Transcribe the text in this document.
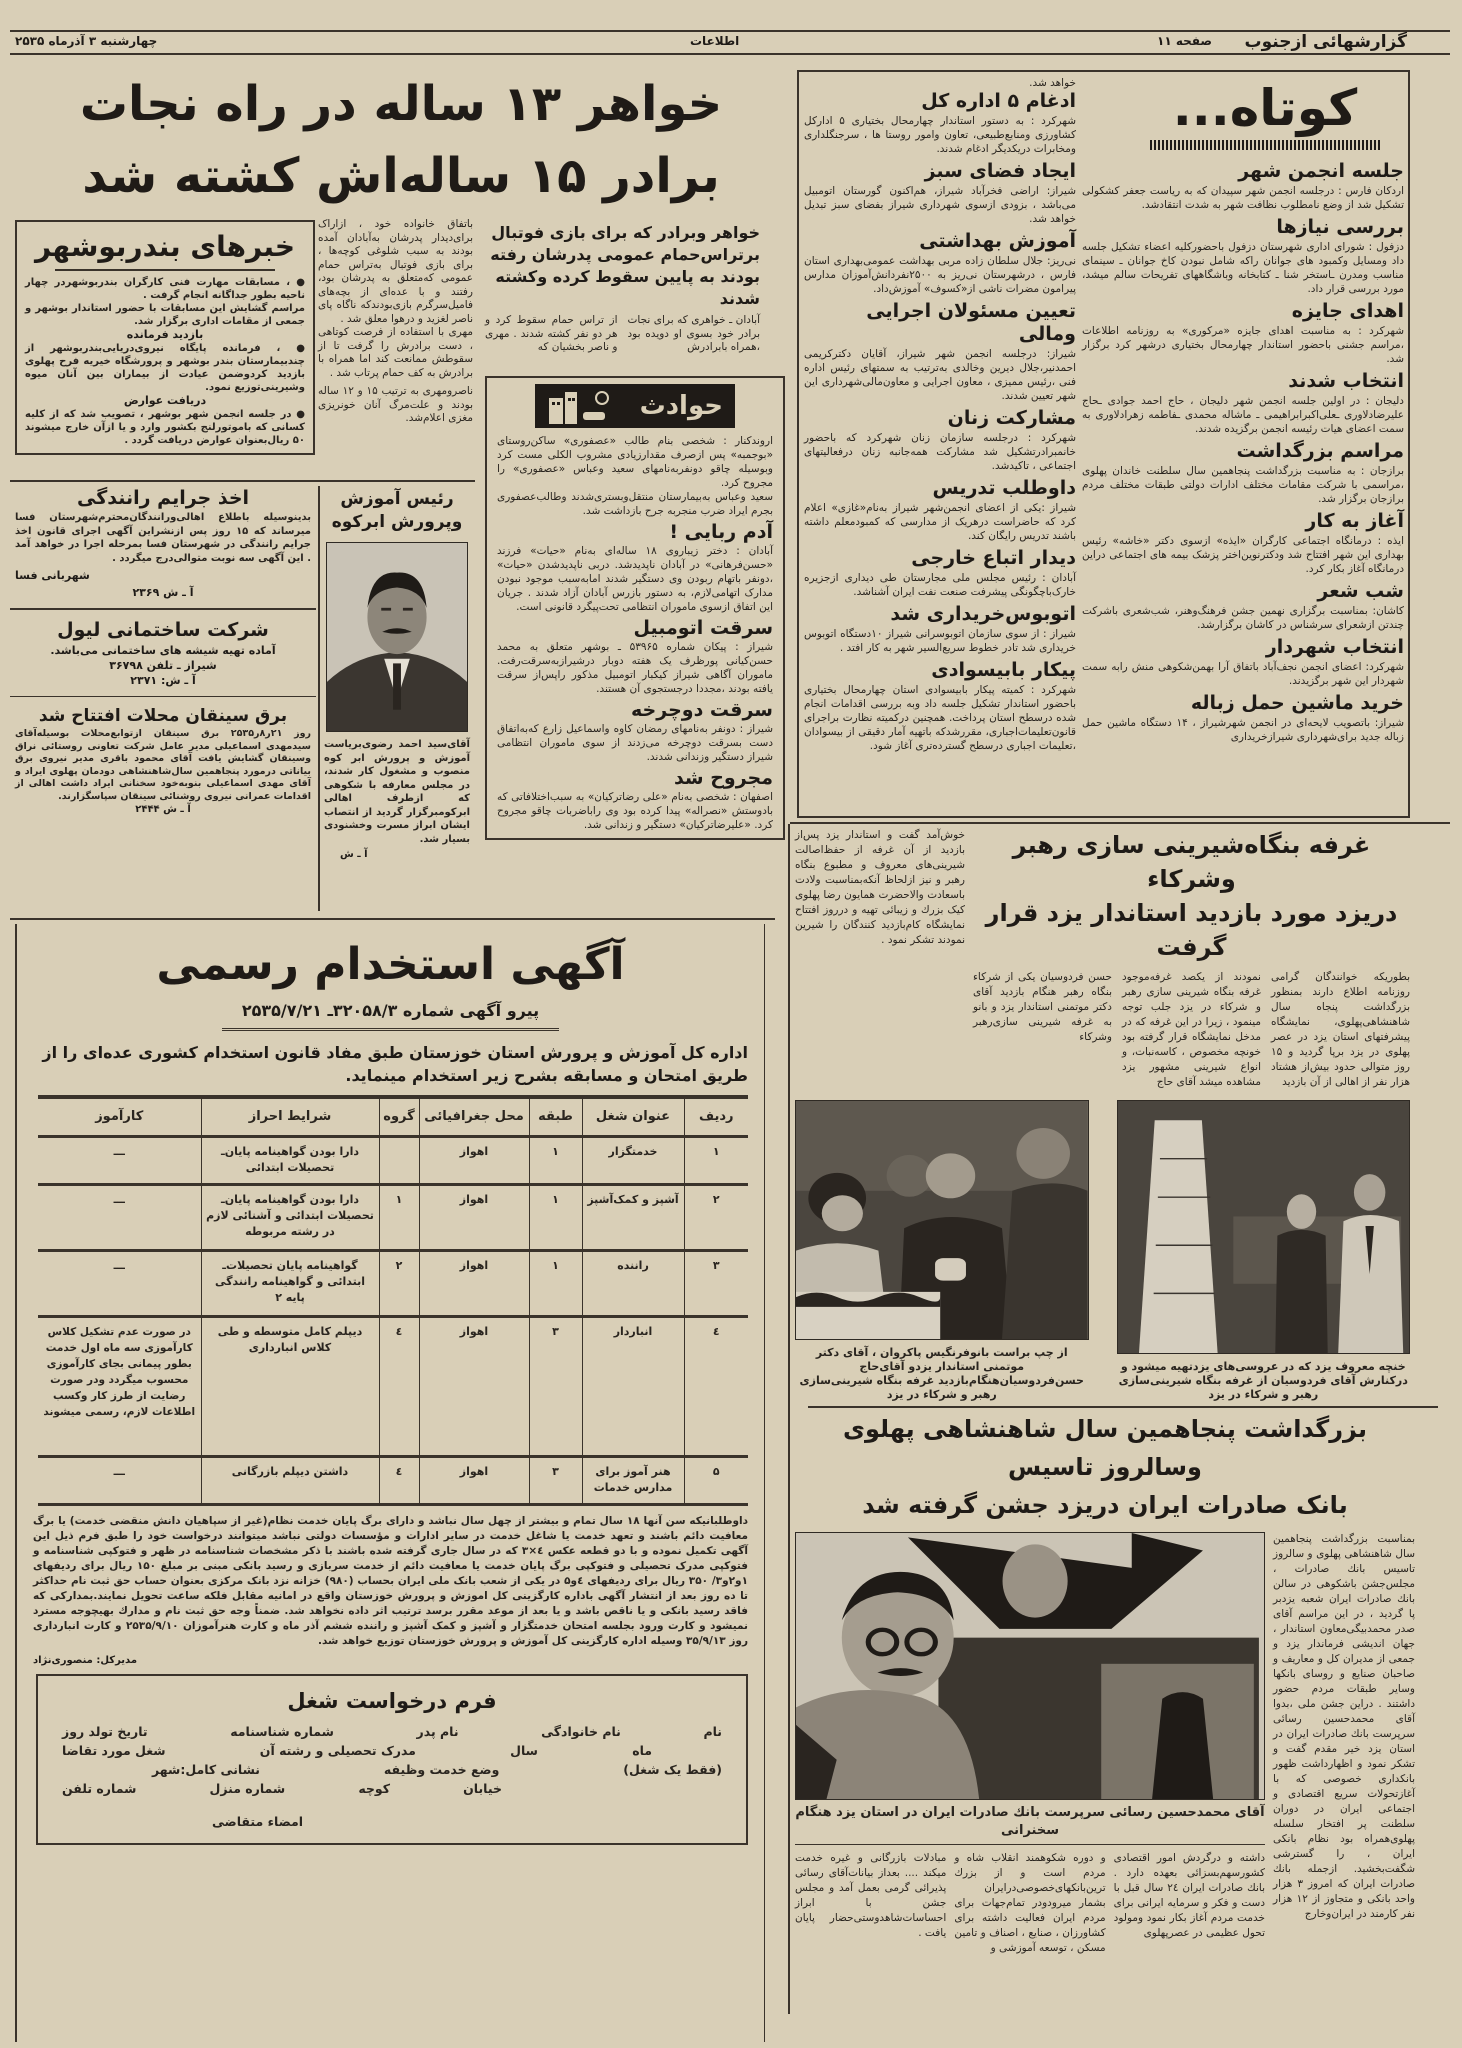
گزارشهائی ازجنوب
صفحه ۱۱
اطلاعات
چهارشنبه ۳ آذرماه ۲۵۳۵
خواهر ۱۳ ساله در راه نجات
برادر ۱۵ ساله‌اش کشته شد
خواهر وبرادر که برای بازی فوتبال برتراس‌حمام عمومی پدرشان رفته بودند به پایین سقوط کرده وکشته شدند

آبادان ـ خواهری که برای نجات برادر خود بسوی او دویده بود ،همراه بابرادرش

از تراس حمام سقوط کرد و هر دو نفر کشته شدند . مهری و ناصر بخشیان که

باتفاق خانواده خود ، ازاراک برای‌دیدار پدرشان به‌آبادان آمده بودند به سبب شلوغی کوچه‌ها ، برای بازی فوتبال به‌تراس حمام عمومی که‌متعلق به پدرشان بود، رفتند و با عده‌ای از بچه‌های فامیل‌سرگرم بازی‌بودندکه ناگاه پای ناصر لغزید و درهوا معلق شد .

مهری با استفاده از فرصت کوتاهی ، دست برادرش را گرفت تا از سقوطش ممانعت کند اما همراه با برادرش به کف حمام پرتاب شد .

ناصرومهری به ترتیب ۱۵ و ۱۲ ساله بودند و علت‌مرگ آنان خونریزی مغزی اعلام‌شد.

خبرهای بندربوشهر

● ، مسابقات مهارت فنی کارگران بندربوشهردر چهار ناحیه بطور جداگانه انجام گرفت .

مراسم گشایش این مسابقات با حضور استاندار بوشهر و جمعی از مقامات اداری برگزار شد.

بازدید فرمانده

● ، فرمانده پایگاه نیروی‌دریایی‌بندربوشهر از چندبیمارستان بندر بوشهر و پرورشگاه خیریه فرح پهلوی بازدید کردوضمن عیادت از بیماران بین آنان میوه وشیرینی‌توزیع نمود.

دریافت عوارض

● در جلسه انجمن شهر بوشهر ، تصویب شد که از کلیه کسانی که باموتورلنج بکشور وارد و یا ازآن خارج میشوند ۵۰ ریال‌بعنوان عوارض دریافت گردد .

حوادث

اروندکنار : شخصی بنام طالب «عصفوری» ساکن‌روستای «بوجمبه» پس ازصرف مقدارزیادی مشروب الکلی مست کرد وبوسیله چاقو دونفربه‌نامهای سعید وعباس «عصفوری» را مجروح کرد.

سعید وعباس به‌بیمارستان منتقل‌وبستری‌شدند وطالب‌عصفوری بجرم ایراد ضرب منجربه جرح بازداشت شد.

آدم ربایی !

آبادان : دختر زیباروی ۱۸ ساله‌ای به‌نام «حیات» فرزند «حسن‌فرهانی» در آبادان ناپدیدشد. دربی ناپدیدشدن «حیات» ،دونفر باتهام ربودن وی دستگیر شدند امابه‌سبب موجود نبودن مدارک اتهامی‌لازم، به دستور بازرس آبادان آزاد شدند . جریان این اتفاق ازسوی ماموران انتظامی تحت‌پیگرد قانونی است.

سرقت اتومبیل

شیراز : پیکان شماره ۵۳۹۶۵ ـ بوشهر متعلق به محمد حسن‌کیانی پورظرف یک هفته دوبار درشیرازبه‌سرقت‌رفت. ماموران آگاهی شیراز کیکبار اتومبیل مذکور راپس‌از سرقت یافته بودند ،مجددا درجستجوی آن هستند.

سرقت دوچرخه

شیراز : دونفر به‌نامهای رمضان کاوه واسماعیل زارع که‌به‌اتفاق دست بسرقت دوچرخه می‌زدند از سوی ماموران انتظامی شیراز دستگیر وزندانی شدند.

مجروح شد

اصفهان : شخصی به‌نام «علی رضاترکیان» به سبب‌اختلافاتی که بادوستش «نصراله» پیدا کرده بود وی راباضربات چاقو مجروح کرد. «علیرضاترکیان» دستگیر و زندانی شد.

اخذ جرایم رانندگی

بدینوسیله باطلاع اهالی‌ورانندگان‌محترم‌شهرستان فسا میرساند که ۱۵ روز پس ازنشراین آگهی اجرای قانون اخذ جرایم رانندگی در شهرستان فسا بمرحله اجرا در خواهد آمد . این آگهی سه نوبت متوالی‌درج میگردد .

شهربانی فسا
آ ـ ش ۲۳۶۹
شرکت ساختمانی لیول
آماده تهیه شیشه های ساختمانی می‌باشد.
شیراز ـ تلفن ۳۶۷۹۸
آ ـ ش: ۲۳۷۱
برق سینقان محلات افتتاح شد

روز ۲۱ر۸ر۲۵۳۵ برق سینقان ازتوابع‌محلات بوسیله‌آقای سیدمهدی اسماعیلی مدیر عامل شرکت تعاونی روستائی نراق وسینقان گشایش یافت آقای محمود باقری مدیر نیروی برق بیاناتی درمورد پنجاهمین سال‌شاهنشاهی دودمان پهلوی ایراد و آقای مهدی اسماعیلی بنوبه‌خود سخنانی ایراد داشت اهالی از اقدامات عمرانی نیروی روشنائی سینقان سپاسگزارند.

آ ـ ش ۲۴۴۴
رئیس آموزش
وپرورش ابرکوه

آقای‌سید احمد رضوی‌بریاست آموزش و پرورش ابر کوه منصوب و مشغول کار شدند، در مجلس معارفه با شکوهی که ازطرف اهالی ابرکومبرگزار گردید از انتصاب ایشان ابراز مسرت وخشنودی بسیار شد.

آ ـ ش
کوتاه...
جلسه انجمن شهر

اردکان فارس : درجلسه انجمن شهر سپیدان که به ریاست جعفر کشکولی تشکیل شد از وضع نامطلوب نظافت شهر به شدت انتقادشد.

بررسی نیازها

دزفول : شورای اداری شهرستان دزفول باحضورکلیه اعضاء تشکیل جلسه داد ومسایل وکمبود های جوانان راکه شامل نبودن کاخ جوانان ـ سینمای مناسب ومدرن ـاستخر شنا ـ کتابخانه وباشگاههای تفریحات سالم میشد، مورد بررسی قرار داد.

اهدای جایزه

شهرکرد : به مناسبت اهدای جایزه «مرکوری» به روزنامه اطلاعات ،مراسم جشنی باحضور استاندار چهارمحال بختیاری درشهر کرد برگزار شد.

انتخاب شدند

دلیجان : در اولین جلسه انجمن شهر دلیجان ، حاج احمد جوادی ـحاج علیرضادلاوری ـعلی‌اکبرابراهیمی ـ ماشاله محمدی ـفاطمه زهرادلاوری به سمت اعضای هیات رئیسه انجمن برگزیده شدند.

مراسم بزرگداشت

برازجان : به مناسبت بزرگداشت پنجاهمین سال سلطنت خاندان پهلوی ،مراسمی با شرکت مقامات مختلف ادارات دولتی طبقات مختلف مردم برازجان برگزار شد.

آغاز به کار

ایذه : درمانگاه اجتماعی کارگران «ایذه» ازسوی دکتر «خاشه» رئیس بهداری این شهر افتتاح شد ودکترنوین‌اختر پزشک بیمه های اجتماعی دراین درمانگاه آغاز بکار کرد.

شب شعر

کاشان: بمناسبت برگزاری نهمین جشن فرهنگ‌وهنر، شب‌شعری باشرکت چندتن ازشعرای سرشناس در کاشان برگزارشد.

انتخاب شهردار

شهرکرد: اعضای انجمن نجف‌آباد باتفاق آرا بهمن‌شکوهی منش رابه سمت شهردار این شهر برگزیدند.

خرید ماشین حمل زباله

شیراز: باتصویب لایحه‌ای در انجمن شهرشیراز ، ۱۴ دستگاه ماشین حمل زباله جدید برای‌شهرداری شیرازخریداری

خواهد شد.

ادغام ۵ اداره کل

شهرکرد : به دستور استاندار چهارمحال بختیاری ۵ ادارکل کشاورزی ومنابع‌طبیعی، تعاون وامور روستا ها ، سرجنگلداری ومخابرات دریکدیگر ادغام شدند.

ایجاد فضای سبز

شیراز: اراضی فخرآباد شیراز، هم‌اکنون گورستان اتومبیل می‌باشد ، بزودی ازسوی شهرداری شیراز بفضای سبز تبدیل خواهد شد.

آموزش بهداشتی

نی‌ریز: جلال سلطان زاده مربی بهداشت عمومی‌بهداری استان فارس ، درشهرستان نی‌ریز به ۲۵۰۰نفردانش‌آموزان مدارس پیرامون مضرات ناشی از«کسوف» آموزش‌داد.

تعیین مسئولان اجرایی ومالی

شیراز: درجلسه انجمن شهر شیراز، آقایان دکترکریمی احمدنیر،جلال دیرین وخالدی به‌ترتیب به سمتهای رئیس اداره فنی ،رئیس ممیزی ، معاون اجرایی و معاون‌مالی‌شهرداری این شهر تعیین شدند.

مشارکت زنان

شهرکرد : درجلسه سازمان زنان شهرکرد که باحضور خانمبرادرتشکیل شد مشارکت همه‌جانبه زنان درفعالیتهای اجتماعی ، تاکیدشد.

داوطلب تدریس

شیراز :یکی از اعضای انجمن‌شهر شیراز به‌نام«غازی» اعلام کرد که حاضراست درهریک از مدارسی که کمبودمعلم داشته باشند تدریس رایگان کند.

دیدار اتباع خارجی

آبادان : رئیس مجلس ملی مجارستان طی دیداری ازجزیره خارک‌باچگونگی پیشرفت صنعت نفت ایران آشناشد.

اتوبوس‌خریداری شد

شیراز : از سوی سازمان اتوبوسرانی شیراز ۱۰دستگاه اتوبوس خریداری شد تادر خطوط سریع‌السیر شهر به کار افتد .

پیکار بابیسوادی

شهرکرد : کمیته پیکار بابیسوادی استان چهارمحال بختیاری باحضور استاندار تشکیل جلسه داد وبه بررسی اقدامات انجام شده درسطح استان پرداخت. همچنین درکمیته نظارت براجرای قانون‌تعلیمات‌اجباری، مقررشدکه باتهیه آمار دقیقی از بیسوادان ،تعلیمات اجباری درسطح گسترده‌تری آغاز شود.

آگهی استخدام رسمی
پیرو آگهی شماره ۳۲۰۵۸/۳ـ ۲۵۳۵/۷/۲۱
اداره کل آموزش و پرورش استان خوزستان طبق مفاد قانون استخدام کشوری عده‌ای را از طریق امتحان و مسابقه بشرح زیر استخدام مینماید.
ردیف	عنوان شغل	طبقه	محل جغرافیائی	گروه	شرایط احراز	کارآموز
۱	خدمتگزار	۱	اهواز		دارا بودن گواهینامه پایان‌ـ تحصیلات ابتدائی	ـــ
۲	آشپز و کمک‌آشپز	۱	اهواز	۱	دارا بودن گواهینامه پایان‌ـ تحصیلات ابتدائی و آشنائی لازم در رشته مربوطه	ـــ
۳	راننده	۱	اهواز	۲	گواهینامه پایان تحصیلات‌ـ ابتدائی و گواهینامه رانندگی پایه ۲	ـــ
٤	انباردار	۳	اهواز	٤	دیپلم کامل متوسطه و طی کلاس انبارداری	در صورت عدم تشکیل کلاس کارآموزی سه ماه اول خدمت بطور پیمانی بجای کارآموزی محسوب میگردد ودر صورت رضایت از طرز کار وکسب اطلاعات لازم، رسمی میشوند
۵	هنر آموز برای مدارس خدمات	۳	اهواز	٤	داشتن دیپلم بازرگانی	ـــ

داوطلبانیکه سن آنها ۱۸ سال تمام و بیشتر از چهل سال نباشد و دارای برگ پایان خدمت نظام(غیر از سپاهیان دانش منقضی خدمت) یا برگ معافیت دائم باشند و تعهد خدمت یا شاغل خدمت در سایر ادارات و مؤسسات دولتی نباشد میتوانند درخواست خود را طبق فرم ذیل این آگهی تکمیل نموده و با دو قطعه عکس ٤×۳ که در سال جاری گرفته شده باشند با ذکر مشخصات شناسنامه در ظهر و فتوکپی شناسنامه و فتوکپی مدرک تحصیلی و فتوکپی برگ پایان خدمت یا معافیت دائم از خدمت سربازی و رسید بانکی مبنی بر مبلغ ۱۵۰ ریال برای ردیفهای ۱و۲و۳/ ۳۵۰ ریال برای ردیفهای ٤و۵ در یکی از شعب بانک ملی ایران بحساب (۹۸۰) خزانه نزد بانک مرکزی بعنوان حساب حق ثبت نام حداکثر تا ده روز بعد از انتشار آگهی باداره کارگزینی کل اموزش و پرورش خوزستان واقع در امانیه مقابل فلکه ساعت تحویل نمایند.بمدارکی که فاقد رسید بانکی و یا ناقص باشد و یا بعد از موعد مقرر برسد ترتیب اثر داده نخواهد شد. ضمناً وجه حق ثبت نام و مدارك بهیچوجه مسترد نمیشود و کارت ورود بجلسه امتحان خدمتگزار و آشپز و کمک آشپز و راننده ششم آذر ماه و کارت هنرآموزان ۲۵۳۵/۹/۱۰ و کارت انبارداری روز ۳۵/۹/۱۳ وسیله اداره کارگزینی کل آموزش و پرورش خوزستان توزیع خواهد شد.

مدیرکل: منصوری‌نژاد
فرم درخواست شغل
نام
نام خانوادگی
نام پدر
شماره شناسنامه
تاریخ تولد روز
ماه
سال
مدرک تحصیلی و رشته آن
شغل مورد تقاضا
(فقط یک شغل)
وضع خدمت وظیفه
نشانی کامل:شهر
خیابان
کوچه
شماره منزل
شماره تلفن
امضاء متقاضی
غرفه بنگاه‌شیرینی سازی رهبر وشرکاء
دریزد مورد بازدید استاندار یزد قرار گرفت

بطوریکه خوانندگان گرامی روزنامه اطلاع دارند بمنظور بزرگداشت پنجاه سال شاهنشاهی‌پهلوی، نمایشگاه پیشرفتهای استان یزد در عصر پهلوی در یزد برپا گردید و ۱۵ روز متوالی حدود بیش‌از هشتاد هزار نفر از اهالی از آن بازدید

نمودند از یکصد غرفه‌موجود غرفه بنگاه شیرینی سازی رهبر و شرکاء در یزد جلب توجه مینمود ، زیرا در این غرفه که در مدخل نمایشگاه قرار گرفته بود خونچه مخصوص ، کاسه‌نبات، و انواع شیرینی مشهور یزد مشاهده میشد آقای حاج

حسن فردوسیان یکی از شرکاء بنگاه رهبر هنگام بازدید آقای دکتر موتمنی استاندار یزد و بانو به غرفه شیرینی سازی‌رهبر وشرکاء

خوش‌آمد گفت و استاندار یزد پس‌از بازدید از آن غرفه از حفظ‌اصالت شیرینی‌های معروف و مطبوع بنگاه رهبر و نیز ازلحاظ آنکه‌بمناسبت ولادت باسعادت والاحضرت همایون رضا پهلوی کیک بزرك و زیبائی تهیه و درروز افتتاح نمایشگاه کام‌بازدید کنندگان را شیرین نمودند تشکر نمود .

خنچه معروف یزد که در عروسی‌های یزدتهیه میشود و درکنارش آقای فردوسیان از غرفه بنگاه شیرینی‌سازی رهبر و شرکاء در یزد

از چپ براست بانوفرنگیس پاکروان ، آقای دکتر موتمنی استاندار یزدو آقای‌حاج حسن‌فردوسیان‌هنگام‌بازدید غرفه بنگاه شیرینی‌سازی رهبر و شرکاء در یزد

بزرگداشت پنجاهمین سال شاهنشاهی پهلوی وسالروز تاسیس
بانک صادرات ایران دریزد جشن گرفته شد

بمناسبت بزرگداشت پنجاهمین سال شاهنشاهی پهلوی و سالروز تاسیس بانك صادرات ، مجلس‌جشن باشکوهی در سالن بانك صادرات ایران شعبه یزدبر پا گردید ، در این مراسم آقای صدر محمدبیگی‌معاون استاندار ، جهان اندیشی فرماندار یزد و جمعی از مدیران کل و معاریف و صاحبان صنایع و روسای بانکها وسایر طبقات مردم حضور داشتند . دراین جشن ملی ،بدوا آقای محمدحسین رسائی سرپرست بانك صادرات ایران در استان یزد خیر مقدم گفت و تشکر نمود و اظهارداشت ظهور بانکداری خصوصی که با آغازتحولات سریع اقتصادی و اجتماعی ایران در دوران سلطنت پر افتخار سلسله پهلوی‌همراه بود نظام بانکی ایران ، را گسترشی شگفت‌بخشید. ازجمله بانك صادرات ایران که امروز ۳ هزار واحد بانکی و متجاوز از ۱۲ هزار نفر کارمند در ایران‌وخارج

آقای محمدحسین رسائی سرپرست بانك صادرات ایران در استان یزد هنگام سخنرانی

داشته و درگردش امور اقتصادی کشورسهم‌بسزائی بعهده دارد . بانك صادرات ایران ۲٤ سال قبل با دست و فکر و سرمایه ایرانی برای خدمت مردم آغاز بکار نمود ومولود تحول عظیمی در عصرپهلوی

و دوره شکوهمند انقلاب شاه و مردم است و از بزرك ترین‌بانکهای‌خصوصی‌درایران بشمار میرودودر تمام‌جهات برای مردم ایران فعالیت داشته برای کشاورزان ، صنایع ، اصناف و تامین مسکن ، توسعه آموزشی و

مبادلات بازرگانی و غیره خدمت میکند .... بعداز بیانات‌آقای رسائی پذیرائی گرمی بعمل آمد و مجلس جشن با ابراز احساسات‌شاهدوستی‌حضار پایان یافت .
